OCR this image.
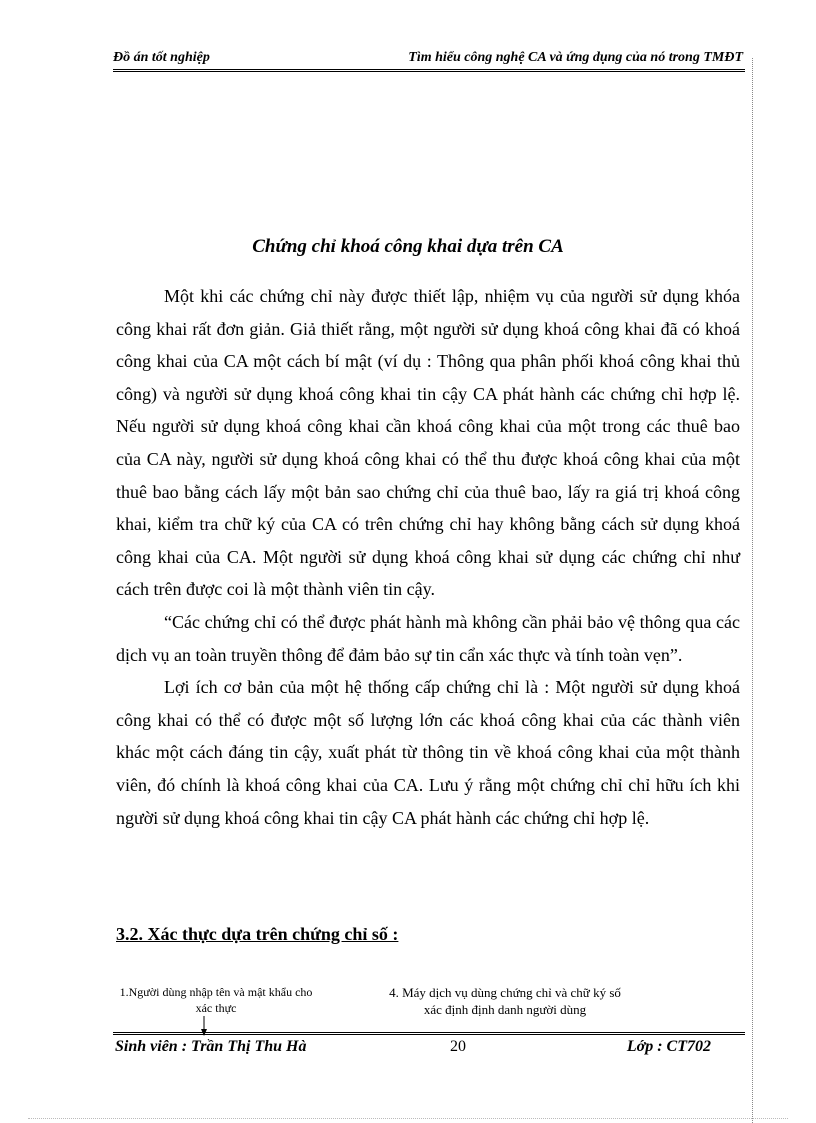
Đồ án tốt nghiệp	Tìm hiểu công nghệ CA và ứng dụng của nó trong TMĐT
Chứng chỉ khoá công khai dựa trên CA

Một khi các chứng chỉ này được thiết lập, nhiệm vụ của người sử dụng khóa công khai rất đơn giản. Giả thiết rằng, một người sử dụng khoá công khai đã có khoá công khai của CA một cách bí mật (ví dụ : Thông qua phân phối khoá công khai thủ công) và người sử dụng khoá công khai tin cậy CA phát hành các chứng chỉ hợp lệ. Nếu người sử dụng khoá công khai cần khoá công khai của một trong các thuê bao của CA này, người sử dụng khoá công khai có thể thu được khoá công khai của một thuê bao bằng cách lấy một bản sao chứng chỉ của thuê bao, lấy ra giá trị khoá công khai, kiểm tra chữ ký của CA có trên chứng chỉ hay không bằng cách sử dụng khoá công khai của CA. Một người sử dụng khoá công khai sử dụng các chứng chỉ như cách trên được coi là một thành viên tin cậy.

“Các chứng chỉ có thể được phát hành mà không cần phải bảo vệ thông qua các dịch vụ an toàn truyền thông để đảm bảo sự tin cẩn xác thực và tính toàn vẹn”.

Lợi ích cơ bản của một hệ thống cấp chứng chỉ là : Một người sử dụng khoá công khai có thể có được một số lượng lớn các khoá công khai của các thành viên khác một cách đáng tin cậy, xuất phát từ thông tin về khoá công khai của một thành viên, đó chính là khoá công khai của CA. Lưu ý rằng một chứng chỉ chỉ hữu ích khi người sử dụng khoá công khai tin cậy CA phát hành các chứng chỉ hợp lệ.

3.2. Xác thực dựa trên chứng chỉ số :
1.Người dùng nhập tên và mật khẩu cho xác thực
4. Máy dịch vụ dùng chứng chỉ và chữ ký số xác định định danh người dùng
Sinh viên : Trần Thị Thu Hà	20	Lớp : CT702
